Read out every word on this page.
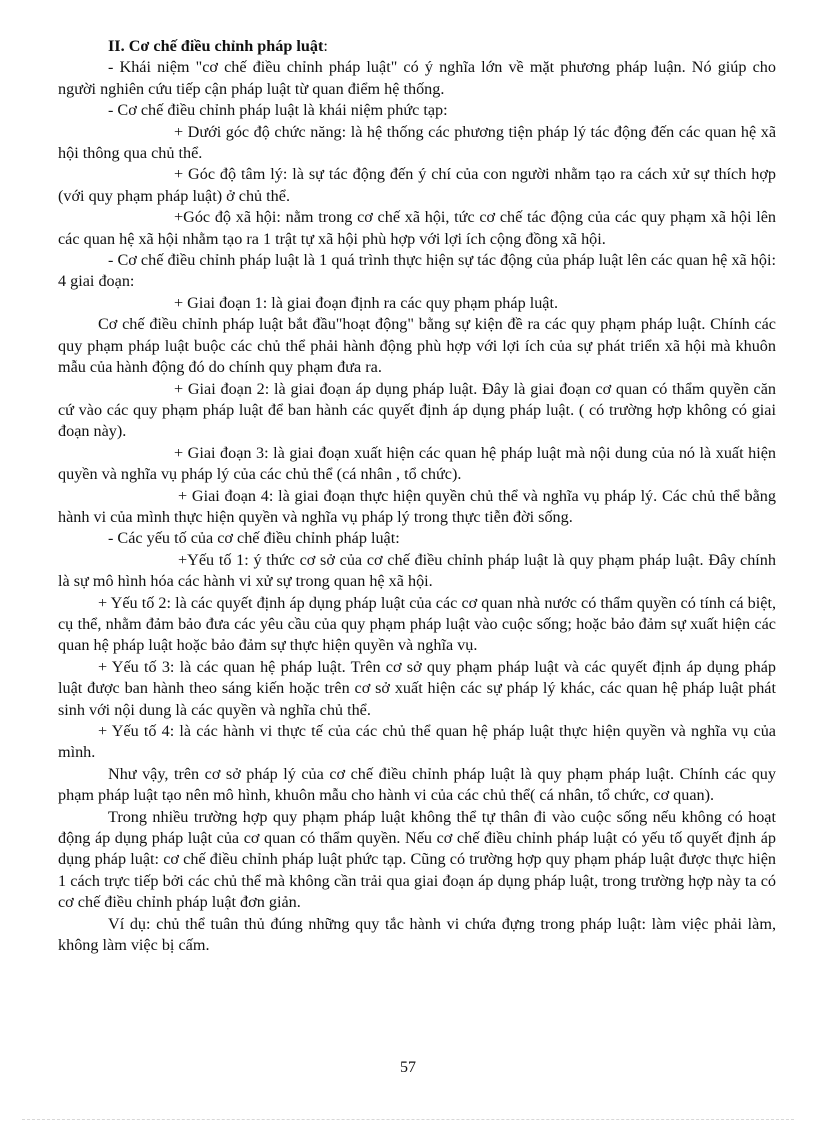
II. Cơ chế điều chỉnh pháp luật:

- Khái niệm "cơ chế điều chỉnh pháp luật" có ý nghĩa lớn về mặt phương pháp luận. Nó giúp cho người nghiên cứu tiếp cận pháp luật từ quan điểm hệ thống.

- Cơ chế điều chỉnh pháp luật là khái niệm phức tạp:

+ Dưới góc độ chức năng: là hệ thống các phương tiện pháp lý tác động đến các quan hệ xã hội thông qua chủ thể.

+ Góc độ tâm lý: là sự tác động đến ý chí của con người nhằm tạo ra cách xử sự thích hợp (với quy phạm pháp luật) ở chủ thể.

+Góc độ xã hội: nằm trong cơ chế xã hội, tức cơ chế tác động của các quy phạm xã hội lên các quan hệ xã hội nhằm tạo ra 1 trật tự xã hội phù hợp với lợi ích cộng đồng xã hội.

- Cơ chế điều chỉnh pháp luật là 1 quá trình thực hiện sự tác động của pháp luật lên các quan hệ xã hội: 4 giai đoạn:

+ Giai đoạn 1: là giai đoạn định ra các quy phạm pháp luật.

Cơ chế điều chỉnh pháp luật bắt đầu"hoạt động" bằng sự kiện đề ra các quy phạm pháp luật. Chính các quy phạm pháp luật buộc các chủ thể phải hành động phù hợp với lợi ích của sự phát triển xã hội mà khuôn mẫu của hành động đó do chính quy phạm đưa ra.

+ Giai đoạn 2: là giai đoạn áp dụng pháp luật. Đây là giai đoạn cơ quan có thẩm quyền căn cứ vào các quy phạm pháp luật để ban hành các quyết định áp dụng pháp luật. ( có trường hợp không có giai đoạn này).

+ Giai đoạn 3: là giai đoạn xuất hiện các quan hệ pháp luật mà nội dung của nó là xuất hiện quyền và nghĩa vụ pháp lý của các chủ thể (cá nhân , tổ chức).

+ Giai đoạn 4: là giai đoạn thực hiện quyền chủ thể và nghĩa vụ pháp lý. Các chủ thể bằng hành vi của mình thực hiện quyền và nghĩa vụ pháp lý trong thực tiễn đời sống.

- Các yếu tố của cơ chế điều chỉnh pháp luật:

+Yếu tố 1: ý thức cơ sở của cơ chế điều chỉnh pháp luật là quy phạm pháp luật. Đây chính là sự mô hình hóa các hành vi xử sự trong quan hệ xã hội.

+ Yếu tố 2: là các quyết định áp dụng pháp luật của các cơ quan nhà nước có thẩm quyền có tính cá biệt, cụ thể, nhằm đảm bảo đưa các yêu cầu của quy phạm pháp luật vào cuộc sống; hoặc bảo đảm sự xuất hiện các quan hệ pháp luật hoặc bảo đảm sự thực hiện quyền và nghĩa vụ.

+ Yếu tố 3: là các quan hệ pháp luật. Trên cơ sở quy phạm pháp luật và các quyết định áp dụng pháp luật được ban hành theo sáng kiến hoặc trên cơ sở xuất hiện các sự pháp lý khác, các quan hệ pháp luật phát sinh với nội dung là các quyền và nghĩa chủ thể.

+ Yếu tố 4: là các hành vi thực tế của các chủ thể quan hệ pháp luật thực hiện quyền và nghĩa vụ của mình.

Như vậy, trên cơ sở pháp lý của cơ chế điều chỉnh pháp luật là quy phạm pháp luật. Chính các quy phạm pháp luật tạo nên mô hình, khuôn mẫu cho hành vi của các chủ thể( cá nhân, tổ chức, cơ quan).

Trong nhiều trường hợp quy phạm pháp luật không thể tự thân đi vào cuộc sống nếu không có hoạt động áp dụng pháp luật của cơ quan có thẩm quyền. Nếu cơ chế điều chỉnh pháp luật có yếu tố quyết định áp dụng pháp luật: cơ chế điều chỉnh pháp luật phức tạp. Cũng có trường hợp quy phạm pháp luật được thực hiện 1 cách trực tiếp bởi các chủ thể mà không cần trải qua giai đoạn áp dụng pháp luật, trong trường hợp này ta có cơ chế điều chỉnh pháp luật đơn giản.

Ví dụ: chủ thể tuân thủ đúng những quy tắc hành vi chứa đựng trong pháp luật: làm việc phải làm, không làm việc bị cấm.

57
